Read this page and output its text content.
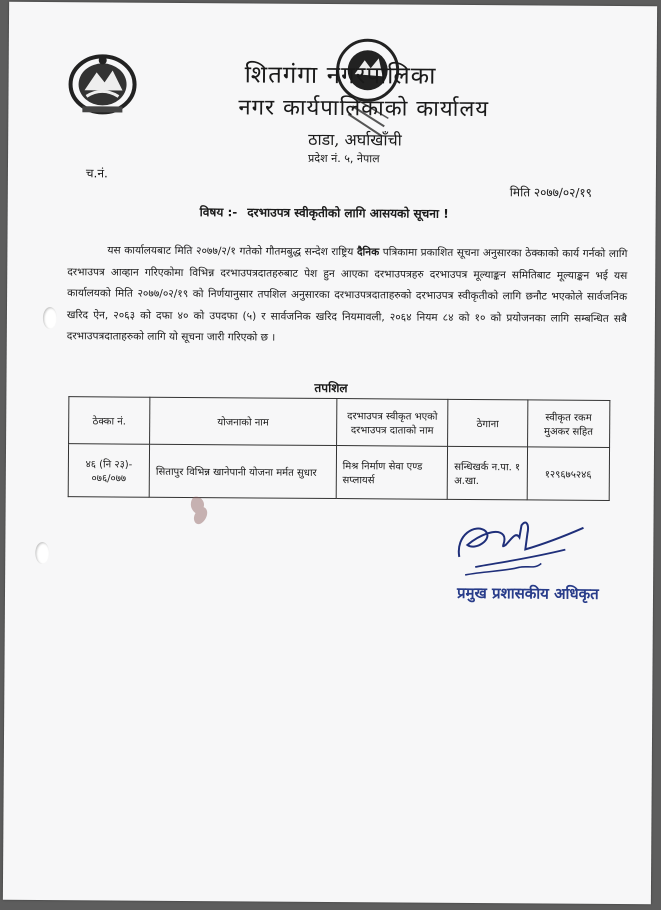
शितगंगा नगरपालिका
नगर कार्यपालिकाको कार्यालय
ठाडा, अर्घाखाँची
प्रदेश नं. ५, नेपाल
च.नं.
मिति २०७७/०२/१९
विषय :- दरभाउपत्र स्वीकृतीको लागि आसयको सूचना !

यस कार्यालयबाट मिति २०७७/२/१ गतेको गौतमबुद्ध सन्देश राष्ट्रिय दैनिक पत्रिकामा प्रकाशित सूचना अनुसारका ठेक्काको कार्य गर्नको लागि दरभाउपत्र आव्हान गरिएकोमा विभिन्न दरभाउपत्रदातहरुबाट पेश हुन आएका दरभाउपत्रहरु दरभाउपत्र मूल्याङ्कन समितिबाट मूल्याङ्कन भई यस कार्यालयको मिति २०७७/०२/१९ को निर्णयानुसार तपशिल अनुसारका दरभाउपत्रदाताहरुको दरभाउपत्र स्वीकृतीको लागि छनौट भएकोले सार्वजनिक खरिद ऐन, २०६३ को दफा ४० को उपदफा (५) र सार्वजनिक खरिद नियमावली, २०६४ नियम ८४ को १० को प्रयोजनका लागि सम्बन्धित सबै दरभाउपत्रदाताहरुको लागि यो सूचना जारी गरिएको छ ।

तपशिल
ठेक्का नं.	योजनाको नाम	दरभाउपत्र स्वीकृत भएको दरभाउपत्र दाताको नाम	ठेगाना	स्वीकृत रकम मुअकर सहित
४६ (नि २३)- ०७६/०७७	सितापुर विभिन्न खानेपानी योजना मर्मत सुधार	मिश्र निर्माण सेवा एण्ड सप्लायर्स	सन्धिखर्क न.पा. १ अ.खा.	१२९६७५२४६
प्रमुख प्रशासकीय अधिकृत
